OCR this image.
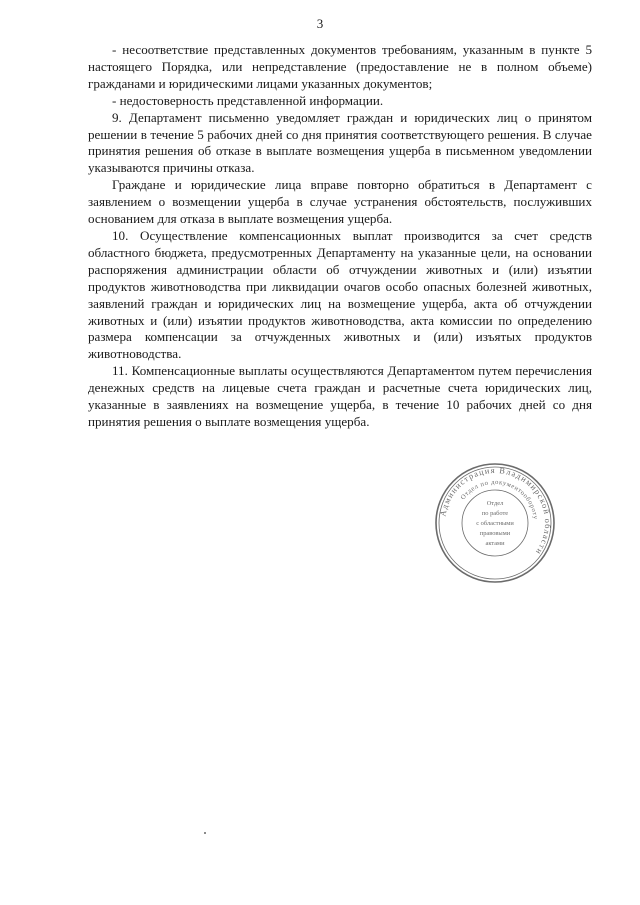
3

- несоответствие представленных документов требованиям, указанным в пункте 5 настоящего Порядка, или непредставление (предоставление не в полном объеме) гражданами и юридическими лицами указанных документов;

- недостоверность представленной информации.

9. Департамент письменно уведомляет граждан и юридических лиц о принятом решении в течение 5 рабочих дней со дня принятия соответствующего решения. В случае принятия решения об отказе в выплате возмещения ущерба в письменном уведомлении указываются причины отказа.

Граждане и юридические лица вправе повторно обратиться в Департамент с заявлением о возмещении ущерба в случае устранения обстоятельств, послуживших основанием для отказа в выплате возмещения ущерба.

10. Осуществление компенсационных выплат производится за счет средств областного бюджета, предусмотренных Департаменту на указанные цели, на основании распоряжения администрации области об отчуждении животных и (или) изъятии продуктов животноводства при ликвидации очагов особо опасных болезней животных, заявлений граждан и юридических лиц на возмещение ущерба, акта об отчуждении животных и (или) изъятии продуктов животноводства, акта комиссии по определению размера компенсации за отчужденных животных и (или) изъятых продуктов животноводства.

11. Компенсационные выплаты осуществляются Департаментом путем перечисления денежных средств на лицевые счета граждан и расчетные счета юридических лиц, указанные в заявлениях на возмещение ущерба, в течение 10 рабочих дней со дня принятия решения о выплате возмещения ущерба.

Администрация Владимирской области
Отдел по документообороту
Отдел
по работе
с областными
правовыми
актами
